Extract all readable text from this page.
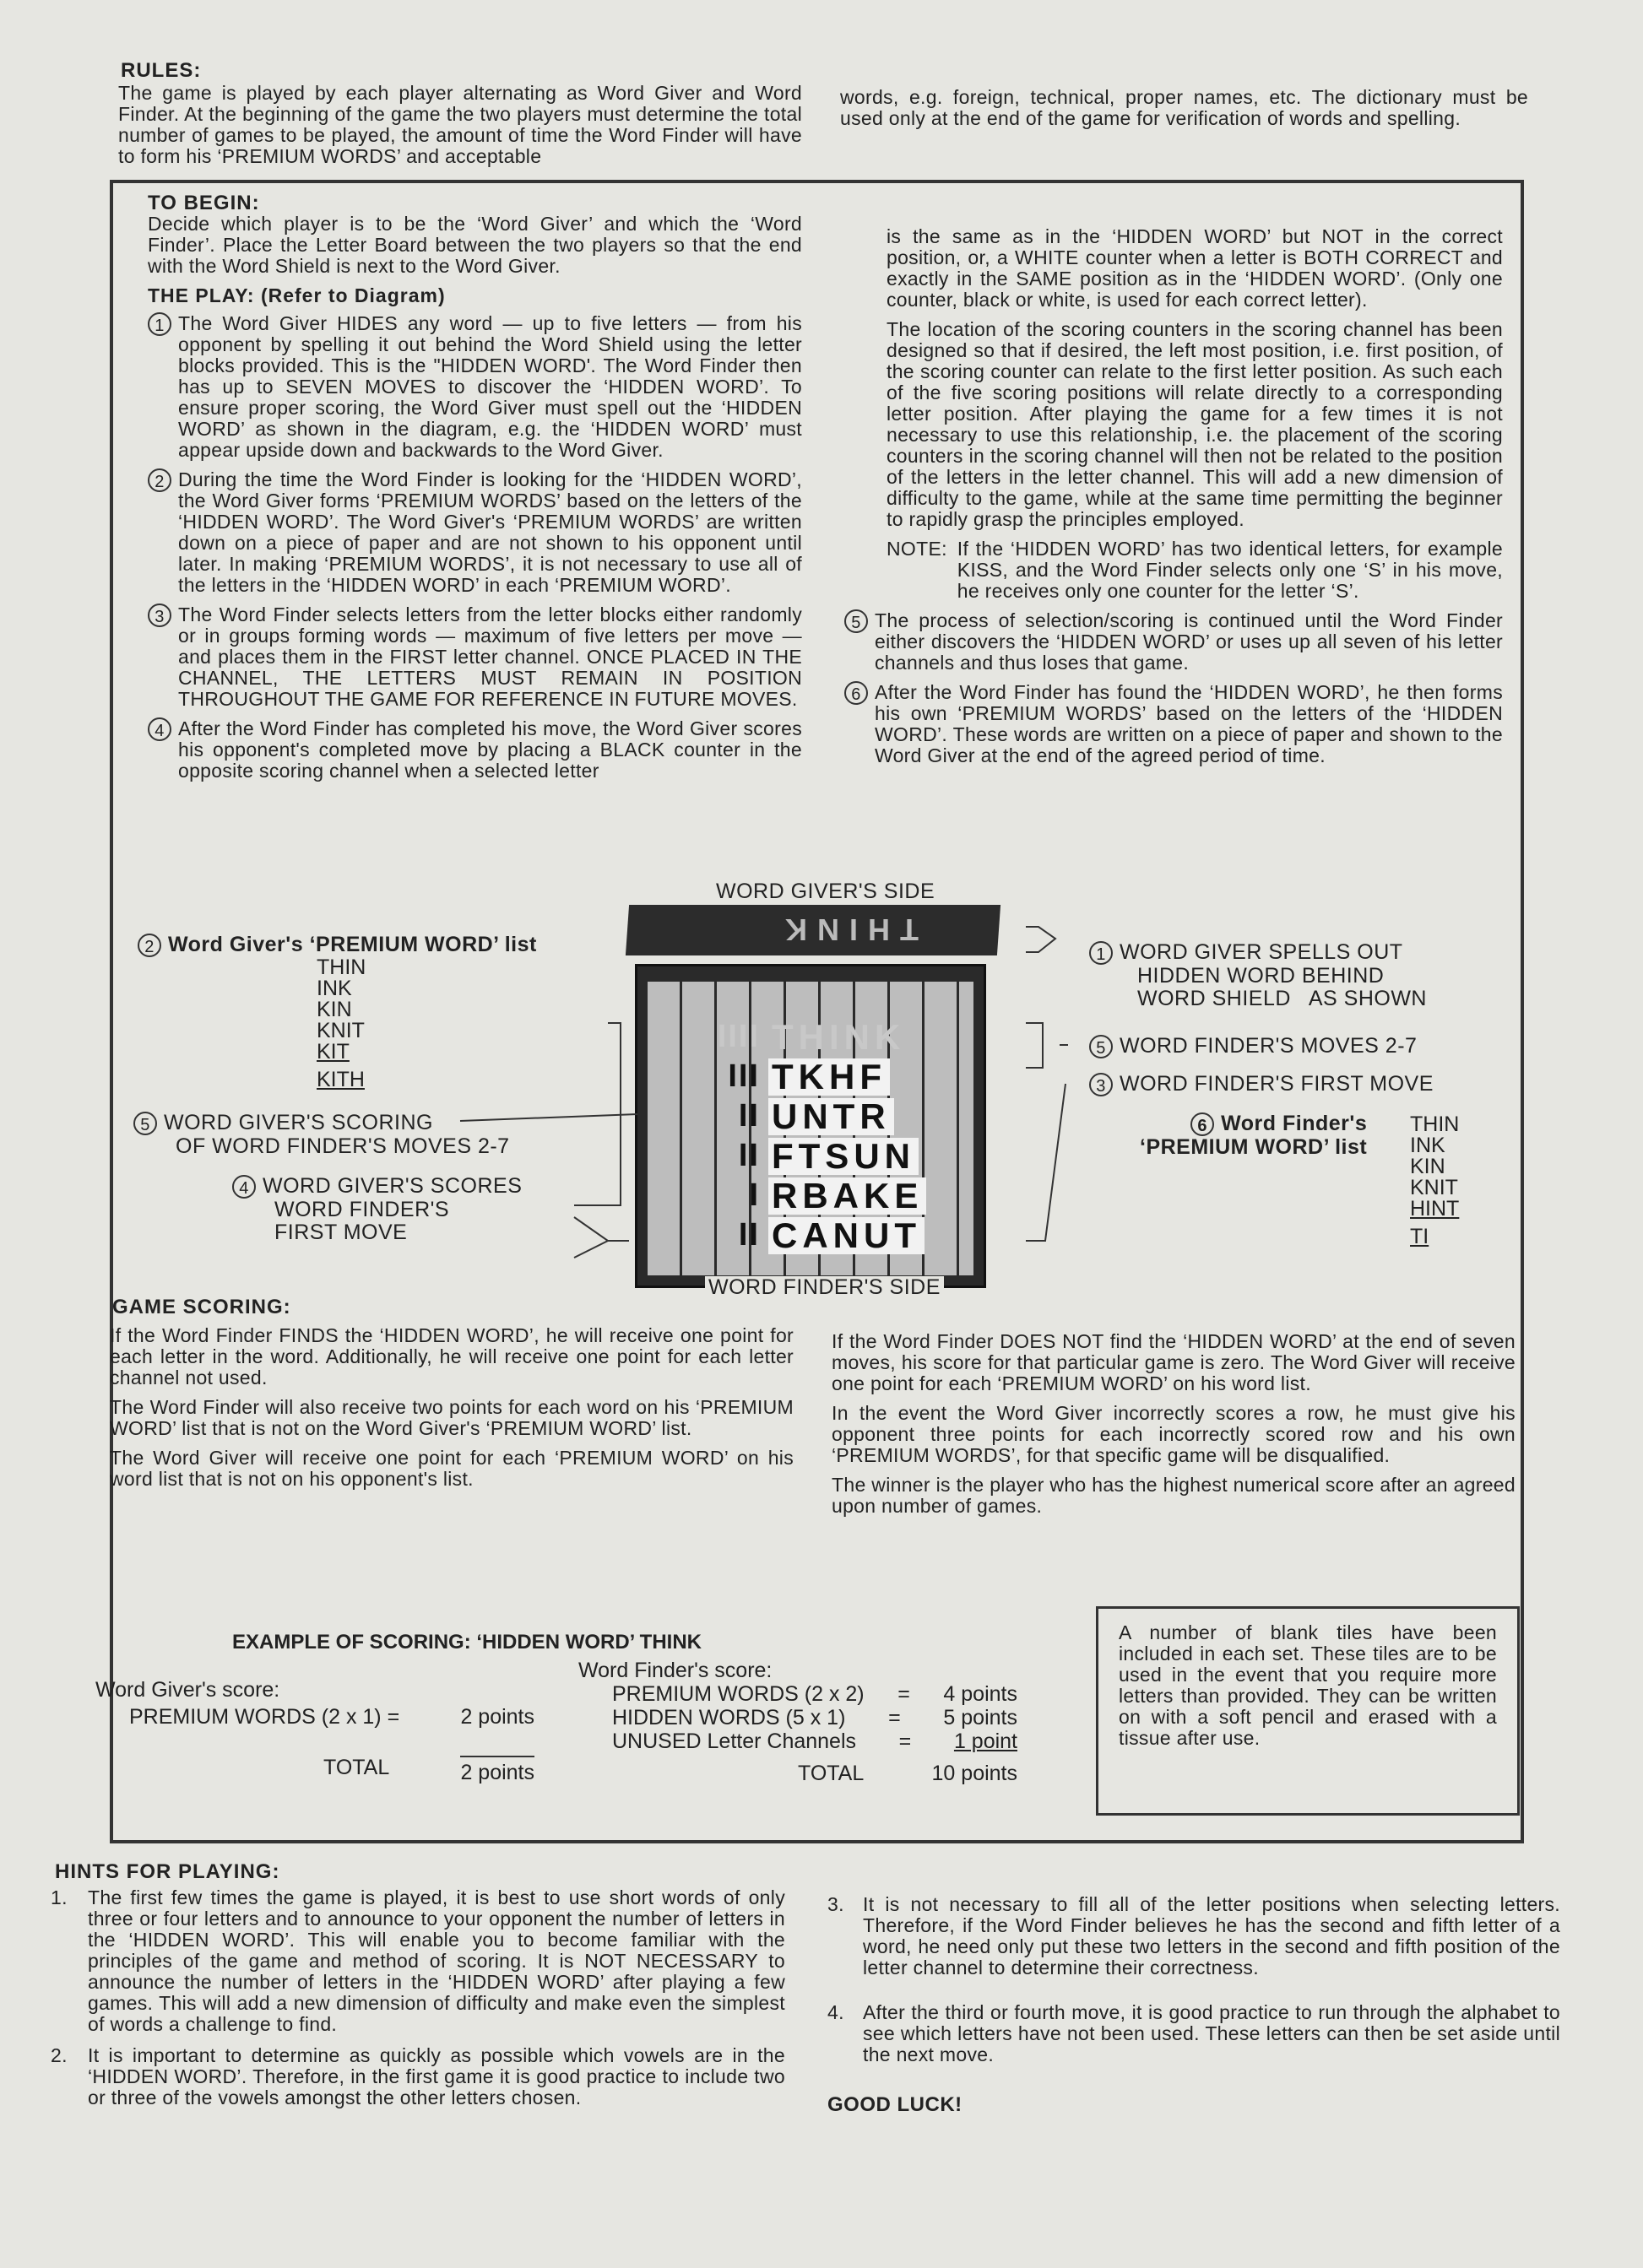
RULES:
The game is played by each player alternating as Word Giver and Word Finder. At the beginning of the game the two players must determine the total number of games to be played, the amount of time the Word Finder will have to form his ‘PREMIUM WORDS’ and acceptable
words, e.g. foreign, technical, proper names, etc. The dictionary must be used only at the end of the game for verification of words and spelling.
TO BEGIN:

Decide which player is to be the ‘Word Giver’ and which the ‘Word Finder’. Place the Letter Board between the two players so that the end with the Word Shield is next to the Word Giver.

THE PLAY: (Refer to Diagram)
1 The Word Giver HIDES any word — up to five letters — from his opponent by spelling it out behind the Word Shield using the letter blocks provided. This is the "HIDDEN WORD'. The Word Finder then has up to SEVEN MOVES to discover the ‘HIDDEN WORD’. To ensure proper scoring, the Word Giver must spell out the ‘HIDDEN WORD’ as shown in the diagram, e.g. the ‘HIDDEN WORD’ must appear upside down and backwards to the Word Giver.
2 During the time the Word Finder is looking for the ‘HIDDEN WORD’, the Word Giver forms ‘PREMIUM WORDS’ based on the letters of the ‘HIDDEN WORD’. The Word Giver's ‘PREMIUM WORDS’ are written down on a piece of paper and are not shown to his opponent until later. In making ‘PREMIUM WORDS’, it is not necessary to use all of the letters in the ‘HIDDEN WORD’ in each ‘PREMIUM WORD’.
3 The Word Finder selects letters from the letter blocks either randomly or in groups forming words — maximum of five letters per move — and places them in the FIRST letter channel. ONCE PLACED IN THE CHANNEL, THE LETTERS MUST REMAIN IN POSITION THROUGHOUT THE GAME FOR REFERENCE IN FUTURE MOVES.
4 After the Word Finder has completed his move, the Word Giver scores his opponent's completed move by placing a BLACK counter in the opposite scoring channel when a selected letter

is the same as in the ‘HIDDEN WORD’ but NOT in the correct position, or, a WHITE counter when a letter is BOTH CORRECT and exactly in the SAME position as in the ‘HIDDEN WORD’. (Only one counter, black or white, is used for each correct letter).

The location of the scoring counters in the scoring channel has been designed so that if desired, the left most position, i.e. first position, of the scoring counter can relate to the first letter position. As such each of the five scoring positions will relate directly to a corresponding letter position. After playing the game for a few times it is not necessary to use this relationship, i.e. the placement of the scoring counters in the scoring channel will then not be related to the position of the letters in the letter channel. This will add a new dimension of difficulty to the game, while at the same time permitting the beginner to rapidly grasp the principles employed.

NOTE: If the ‘HIDDEN WORD’ has two identical letters, for example KISS, and the Word Finder selects only one ‘S’ in his move, he receives only one counter for the letter ‘S’.
5 The process of selection/scoring is continued until the Word Finder either discovers the ‘HIDDEN WORD’ or uses up all seven of his letter channels and thus loses that game.
6 After the Word Finder has found the ‘HIDDEN WORD’, he then forms his own ‘PREMIUM WORDS’ based on the letters of the ‘HIDDEN WORD’. These words are written on a piece of paper and shown to the Word Giver at the end of the agreed period of time.
WORD GIVER'S SIDE
THINK
IIII THINK
III TKHF
II UNTR
II FTSUN
I RBAKE
II CANUT
WORD FINDER'S SIDE
2 Word Giver's ‘PREMIUM WORD’ list
THIN
INK
KIN
KNIT
KIT
KITH
5 WORD GIVER'S SCORING
OF WORD FINDER'S MOVES 2-7
4 WORD GIVER'S SCORES
WORD FINDER'S
FIRST MOVE
1 WORD GIVER SPELLS OUT
HIDDEN WORD BEHIND
WORD SHIELD   AS SHOWN
5 WORD FINDER'S MOVES 2-7
3 WORD FINDER'S FIRST MOVE
6 Word Finder's
‘PREMIUM WORD’ list
THIN
INK
KIN
KNIT
HINT
TI
GAME SCORING:

If the Word Finder FINDS the ‘HIDDEN WORD’, he will receive one point for each letter in the word. Additionally, he will receive one point for each letter channel not used.

The Word Finder will also receive two points for each word on his ‘PREMIUM WORD’ list that is not on the Word Giver's ‘PREMIUM WORD’ list.

The Word Giver will receive one point for each ‘PREMIUM WORD’ on his word list that is not on his opponent's list.

If the Word Finder DOES NOT find the ‘HIDDEN WORD’ at the end of seven moves, his score for that particular game is zero. The Word Giver will receive one point for each ‘PREMIUM WORD’ on his word list.

In the event the Word Giver incorrectly scores a row, he must give his opponent three points for each incorrectly scored row and his own ‘PREMIUM WORDS’, for that specific game will be disqualified.

The winner is the player who has the highest numerical score after an agreed upon number of games.

EXAMPLE OF SCORING: ‘HIDDEN WORD’ THINK
Word Giver's score:
PREMIUM WORDS (2 x 1) =	2 points
TOTAL	2 points
Word Finder's score:
PREMIUM WORDS (2 x 2) = 4 points
HIDDEN WORDS (5 x 1) = 5 points
UNUSED Letter Channels = 1 point
TOTAL	10 points
A number of blank tiles have been included in each set. These tiles are to be used in the event that you require more letters than provided. They can be written on with a soft pencil and erased with a tissue after use.
HINTS FOR PLAYING:
1.	The first few times the game is played, it is best to use short words of only three or four letters and to announce to your opponent the number of letters in the ‘HIDDEN WORD’. This will enable you to become familiar with the principles of the game and method of scoring. It is NOT NECESSARY to announce the number of letters in the ‘HIDDEN WORD’ after playing a few games. This will add a new dimension of difficulty and make even the simplest of words a challenge to find.
2.	It is important to determine as quickly as possible which vowels are in the ‘HIDDEN WORD’. Therefore, in the first game it is good practice to include two or three of the vowels amongst the other letters chosen.
3. It is not necessary to fill all of the letter positions when selecting letters. Therefore, if the Word Finder believes he has the second and fifth letter of a word, he need only put these two letters in the second and fifth position of the letter channel to determine their correctness.
4. After the third or fourth move, it is good practice to run through the alphabet to see which letters have not been used. These letters can then be set aside until the next move.
GOOD LUCK!
